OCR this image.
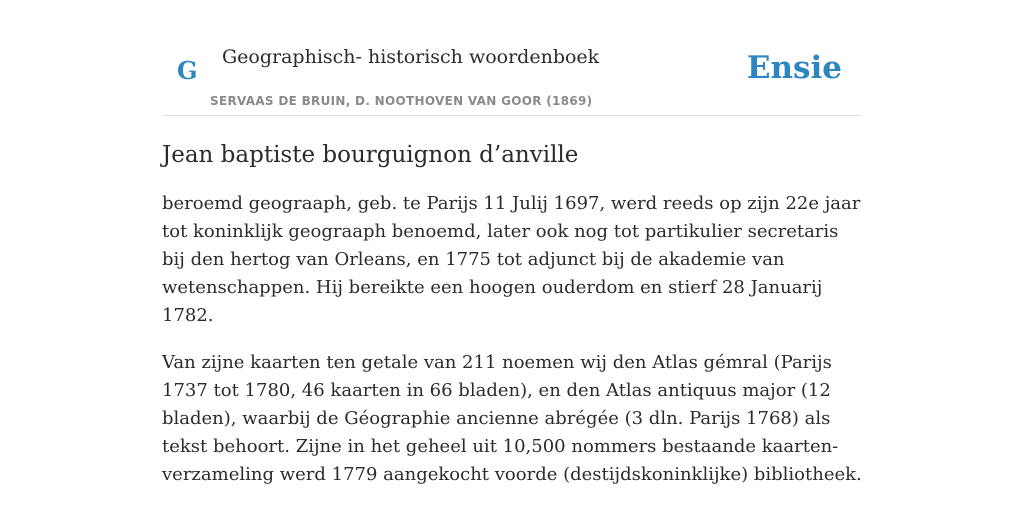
G Geographisch- historisch woordenboek
SERVAAS DE BRUIN, D. NOOTHOVEN VAN GOOR (1869)
Ensie
Jean baptiste bourguignon d’anville

beroemd geograaph, geb. te Parijs 11 Julij 1697, werd reeds op zijn 22e jaar tot koninklijk geograaph benoemd, later ook nog tot partikulier secretaris bij den hertog van Orleans, en 1775 tot adjunct bij de akademie van wetenschappen. Hij bereikte een hoogen ouderdom en stierf 28 Januarij 1782.

Van zijne kaarten ten getale van 211 noemen wij den Atlas gémral (Parijs 1737 tot 1780, 46 kaarten in 66 bladen), en den Atlas antiquus major (12 bladen), waarbij de Géographie ancienne abrégée (3 dln. Parijs 1768) als tekst behoort. Zijne in het geheel uit 10,500 nommers bestaande kaarten-verzameling werd 1779 aangekocht voorde (destijdskoninklijke) bibliotheek.
